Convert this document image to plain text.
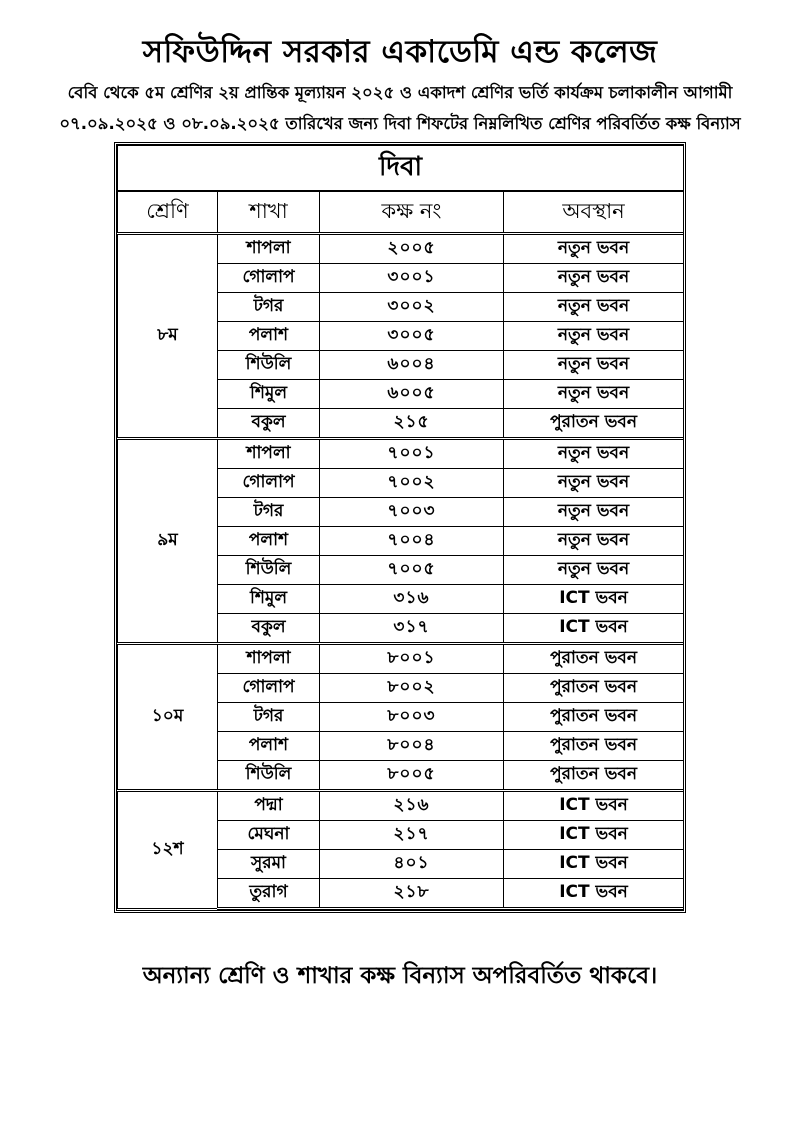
সফিউদ্দিন সরকার একাডেমি এন্ড কলেজ
বেবি থেকে ৫ম শ্রেণির ২য় প্রান্তিক মূল্যায়ন ২০২৫ ও একাদশ শ্রেণির ভর্তি কার্যক্রম চলাকালীন আগামী
০৭.০৯.২০২৫ ও ০৮.০৯.২০২৫ তারিখের জন্য দিবা শিফটের নিম্নলিখিত শ্রেণির পরিবর্তিত কক্ষ বিন্যাস
দিবা			
শ্রেণি	শাখা	কক্ষ নং	অবস্থান
৮ম	শাপলা	২০০৫	নতুন ভবন
	গোলাপ	৩০০১	নতুন ভবন
	টগর	৩০০২	নতুন ভবন
	পলাশ	৩০০৫	নতুন ভবন
	শিউলি	৬০০৪	নতুন ভবন
	শিমুল	৬০০৫	নতুন ভবন
	বকুল	২১৫	পুরাতন ভবন
৯ম	শাপলা	৭০০১	নতুন ভবন
	গোলাপ	৭০০২	নতুন ভবন
	টগর	৭০০৩	নতুন ভবন
	পলাশ	৭০০৪	নতুন ভবন
	শিউলি	৭০০৫	নতুন ভবন
	শিমুল	৩১৬	ICT ভবন
	বকুল	৩১৭	ICT ভবন
১০ম	শাপলা	৮০০১	পুরাতন ভবন
	গোলাপ	৮০০২	পুরাতন ভবন
	টগর	৮০০৩	পুরাতন ভবন
	পলাশ	৮০০৪	পুরাতন ভবন
	শিউলি	৮০০৫	পুরাতন ভবন
১২শ	পদ্মা	২১৬	ICT ভবন
	মেঘনা	২১৭	ICT ভবন
	সুরমা	৪০১	ICT ভবন
	তুরাগ	২১৮	ICT ভবন
অন্যান্য শ্রেণি ও শাখার কক্ষ বিন্যাস অপরিবর্তিত থাকবে।
